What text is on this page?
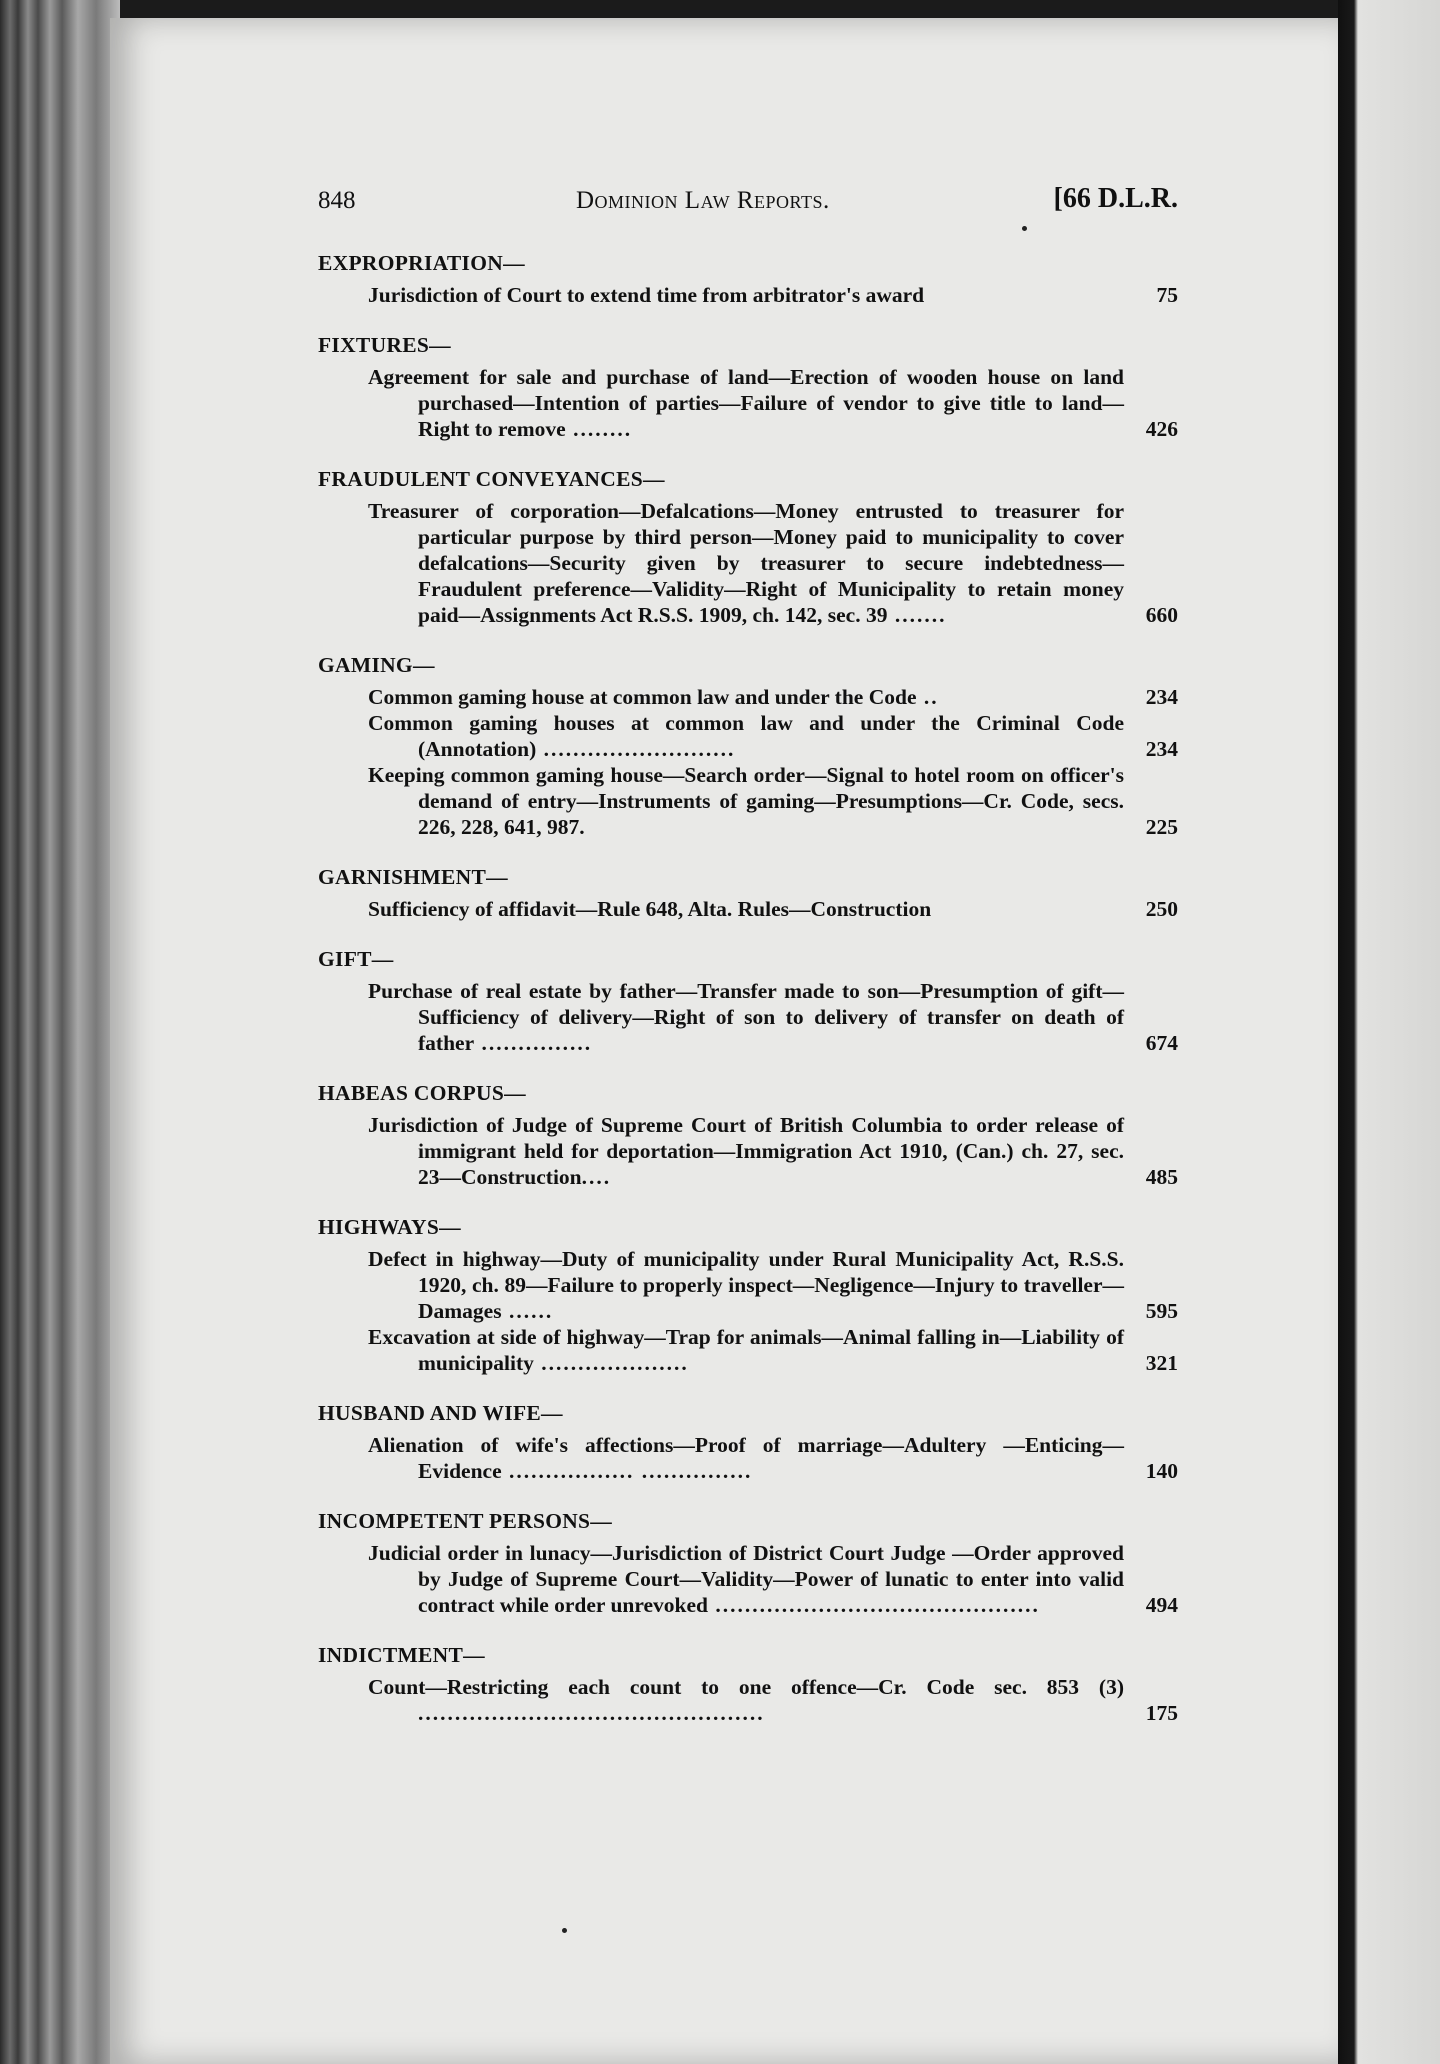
848	Dominion Law Reports.	[66 D.L.R.
EXPROPRIATION—
Jurisdiction of Court to extend time from arbitrator's award	75
FIXTURES—
Agreement for sale and purchase of land—Erection of wooden house on land purchased—Intention of parties—Failure of vendor to give title to land—Right to remove ........	426
FRAUDULENT CONVEYANCES—
Treasurer of corporation—Defalcations—Money entrusted to treasurer for particular purpose by third person—Money paid to municipality to cover defalcations—Security given by treasurer to secure indebtedness—Fraudulent preference—Validity—Right of Municipality to retain money paid—Assignments Act R.S.S. 1909, ch. 142, sec. 39 .......	660
GAMING—
Common gaming house at common law and under the Code ..	234
Common gaming houses at common law and under the Criminal Code (Annotation) ..........................	234
Keeping common gaming house—Search order—Signal to hotel room on officer's demand of entry—Instruments of gaming—Presumptions—Cr. Code, secs. 226, 228, 641, 987.	225
GARNISHMENT—
Sufficiency of affidavit—Rule 648, Alta. Rules—Construction	250
GIFT—
Purchase of real estate by father—Transfer made to son—Presumption of gift—Sufficiency of delivery—Right of son to delivery of transfer on death of father ...............	674
HABEAS CORPUS—
Jurisdiction of Judge of Supreme Court of British Columbia to order release of immigrant held for deportation—Immigration Act 1910, (Can.) ch. 27, sec. 23—Construction....	485
HIGHWAYS—
Defect in highway—Duty of municipality under Rural Municipality Act, R.S.S. 1920, ch. 89—Failure to properly inspect—Negligence—Injury to traveller—Damages ......	595
Excavation at side of highway—Trap for animals—Animal falling in—Liability of municipality ....................	321
HUSBAND AND WIFE—
Alienation of wife's affections—Proof of marriage—Adultery —Enticing—Evidence ................. ...............	140
INCOMPETENT PERSONS—
Judicial order in lunacy—Jurisdiction of District Court Judge —Order approved by Judge of Supreme Court—Validity—Power of lunatic to enter into valid contract while order unrevoked ............................................	494
INDICTMENT—
Count—Restricting each count to one offence—Cr. Code sec. 853 (3) ...............................................	175
